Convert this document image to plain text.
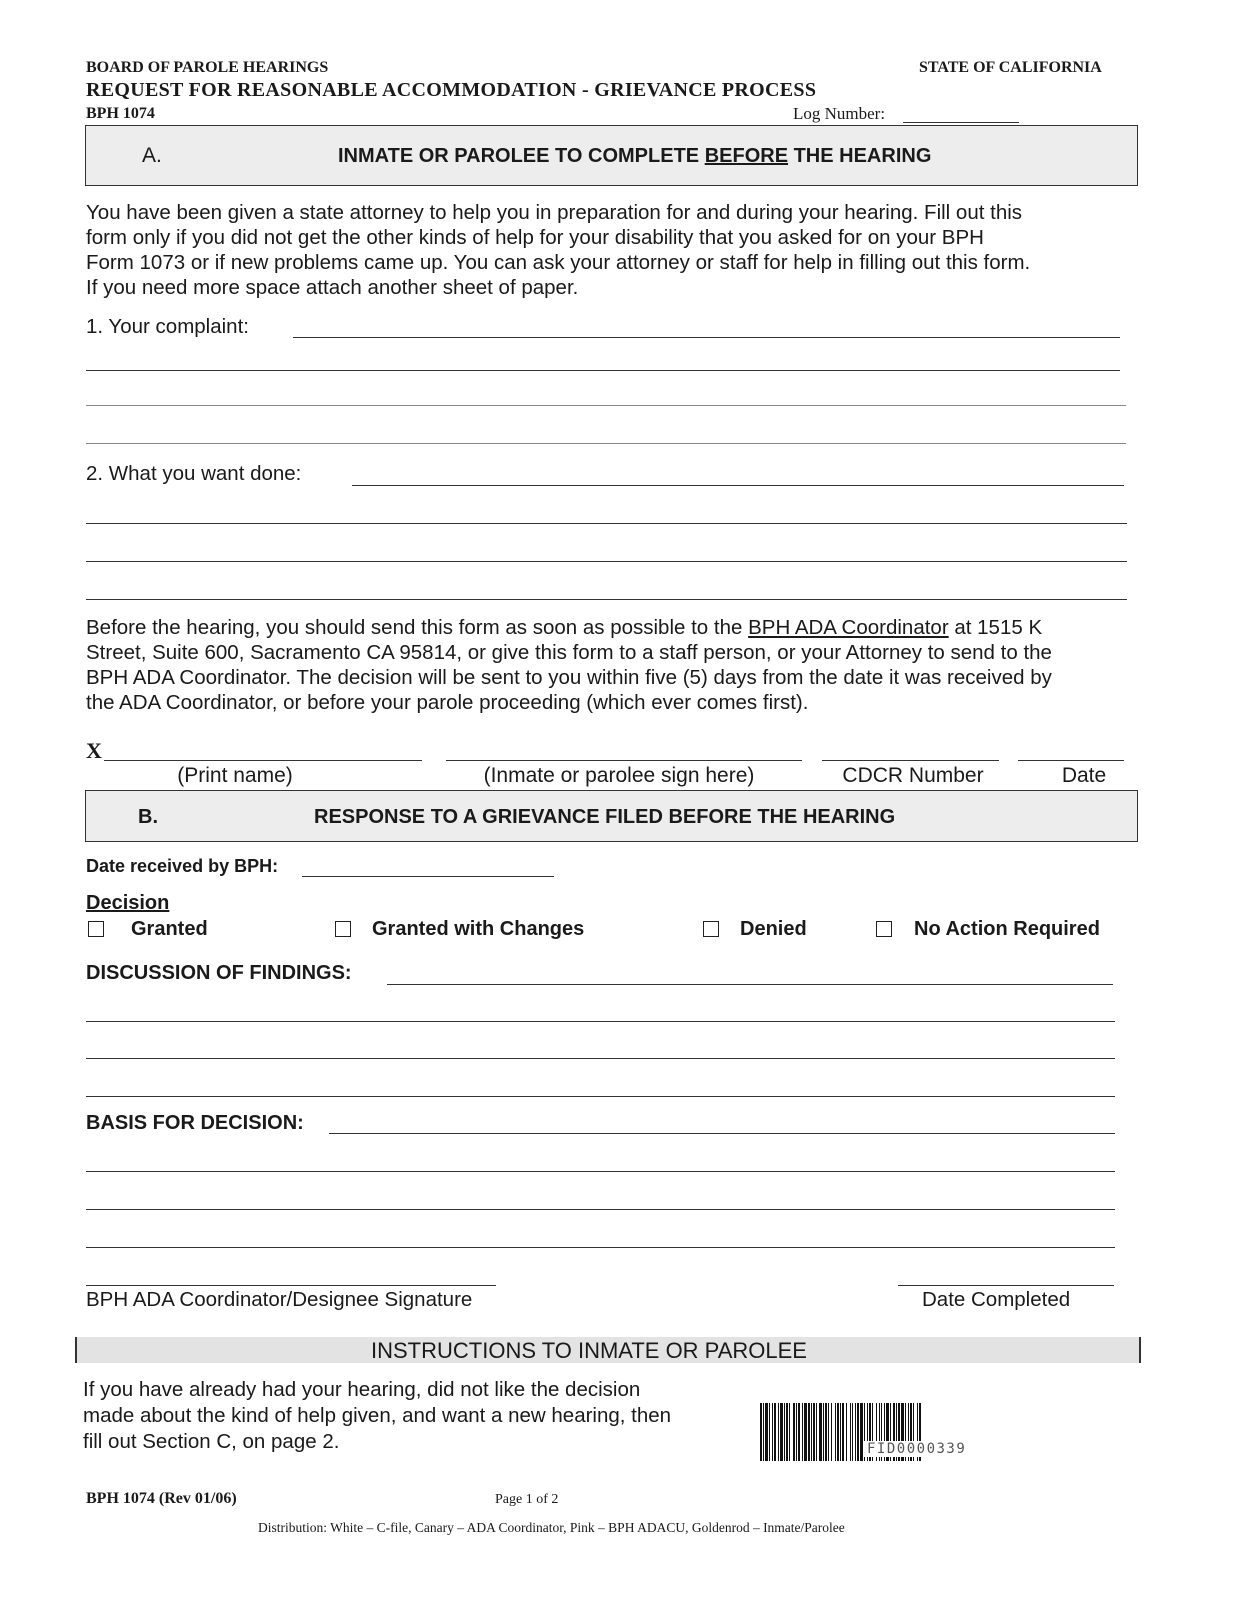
BOARD OF PAROLE HEARINGS	STATE OF CALIFORNIA
REQUEST FOR REASONABLE ACCOMMODATION - GRIEVANCE PROCESS
BPH 1074	Log Number:
A.	INMATE OR PAROLEE TO COMPLETE BEFORE THE HEARING
You have been given a state attorney to help you in preparation for and during your hearing. Fill out this
form only if you did not get the other kinds of help for your disability that you asked for on your BPH
Form 1073 or if new problems came up. You can ask your attorney or staff for help in filling out this form.
If you need more space attach another sheet of paper.
1. Your complaint:
2. What you want done:
Before the hearing, you should send this form as soon as possible to the BPH ADA Coordinator at 1515 K
Street, Suite 600, Sacramento CA 95814, or give this form to a staff person, or your Attorney to send to the
BPH ADA Coordinator. The decision will be sent to you within five (5) days from the date it was received by
the ADA Coordinator, or before your parole proceeding (which ever comes first).
X
(Print name)	(Inmate or parolee sign here)	CDCR Number	Date
B.	RESPONSE TO A GRIEVANCE FILED BEFORE THE HEARING
Date received by BPH:
Decision
Granted	Granted with Changes	Denied	No Action Required
DISCUSSION OF FINDINGS:
BASIS FOR DECISION:
BPH ADA Coordinator/Designee Signature	Date Completed
INSTRUCTIONS TO INMATE OR PAROLEE
If you have already had your hearing, did not like the decision
made about the kind of help given, and want a new hearing, then
fill out Section C, on page 2.	FID0000339
BPH 1074 (Rev 01/06)	Page 1 of 2
Distribution: White – C-file, Canary – ADA Coordinator, Pink – BPH ADACU, Goldenrod – Inmate/Parolee
